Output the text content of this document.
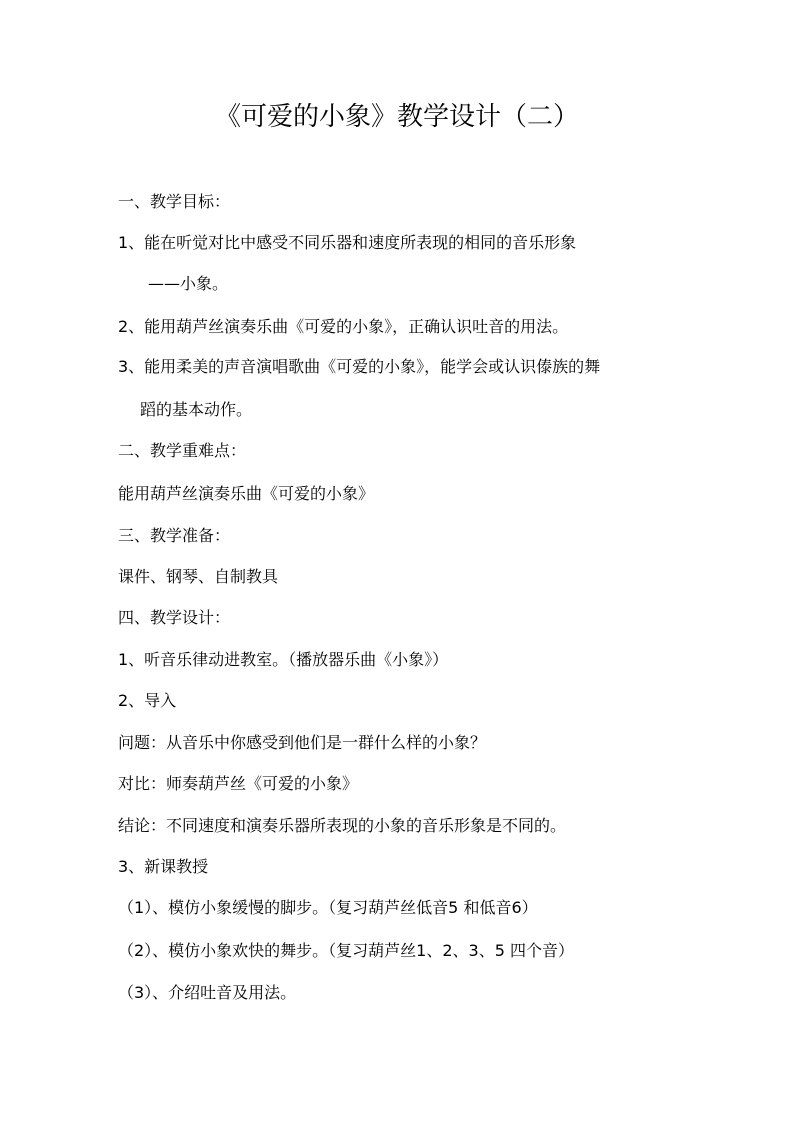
《可爱的小象》教学设计（二）

一、教学目标：

1、能在听觉对比中感受不同乐器和速度所表现的相同的音乐形象

——小象。

2、能用葫芦丝演奏乐曲《可爱的小象》，正确认识吐音的用法。

3、能用柔美的声音演唱歌曲《可爱的小象》，能学会或认识傣族的舞

蹈的基本动作。

二、教学重难点：

能用葫芦丝演奏乐曲《可爱的小象》

三、教学准备：

课件、钢琴、自制教具

四、教学设计：

1、听音乐律动进教室。（播放器乐曲《小象》）

2、导入

问题：从音乐中你感受到他们是一群什么样的小象？

对比：师奏葫芦丝《可爱的小象》

结论：不同速度和演奏乐器所表现的小象的音乐形象是不同的。

3、新课教授

（1）、模仿小象缓慢的脚步。（复习葫芦丝低音5 和低音6）

（2）、模仿小象欢快的舞步。（复习葫芦丝1、2、3、5 四个音）

（3）、介绍吐音及用法。
